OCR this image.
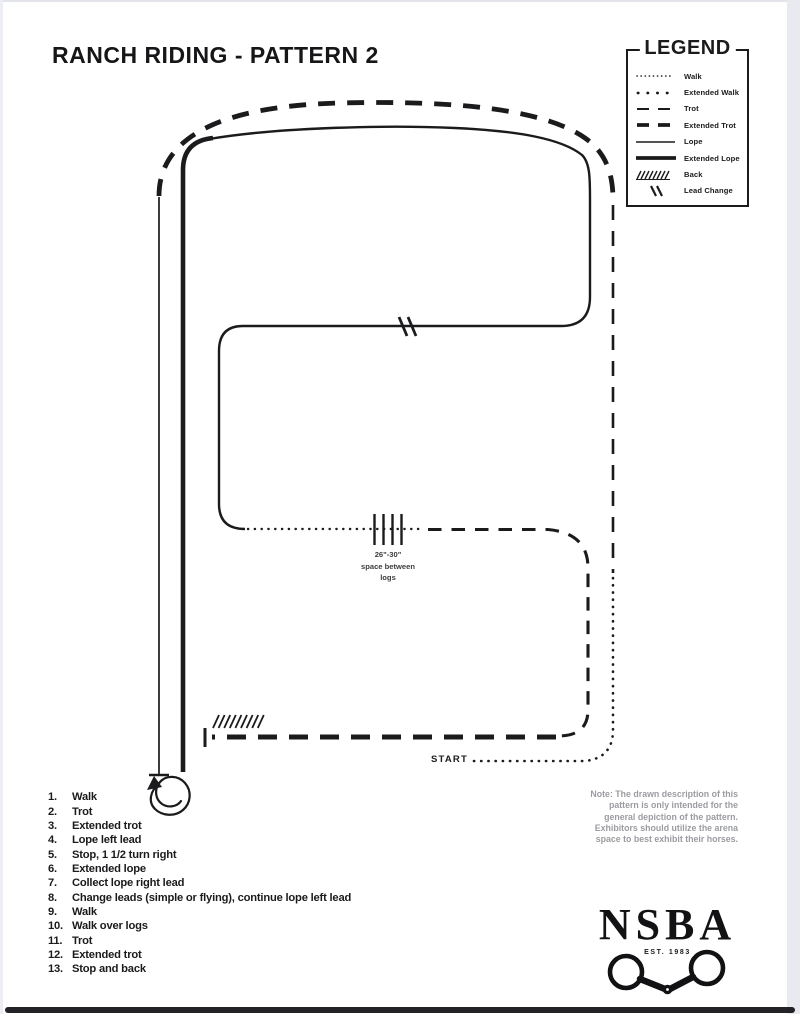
RANCH RIDING - PATTERN 2
START
26"-30"
space between
logs
LEGEND
Walk
Extended Walk
Trot
Extended Trot
Lope
Extended Lope
Back
Lead Change
1.	Walk
2.	Trot
3.	Extended trot
4.	Lope left lead
5.	Stop, 1 1/2 turn right
6.	Extended lope
7.	Collect lope right lead
8.	Change leads (simple or flying), continue lope left lead
9.	Walk
10. Walk over logs
11. Trot
12. Extended trot
13. Stop and back
Note: The drawn description of this
pattern is only intended for the
general depiction of the pattern.
Exhibitors should utilize the arena
space to best exhibit their horses.
NSBA
EST. 1983
